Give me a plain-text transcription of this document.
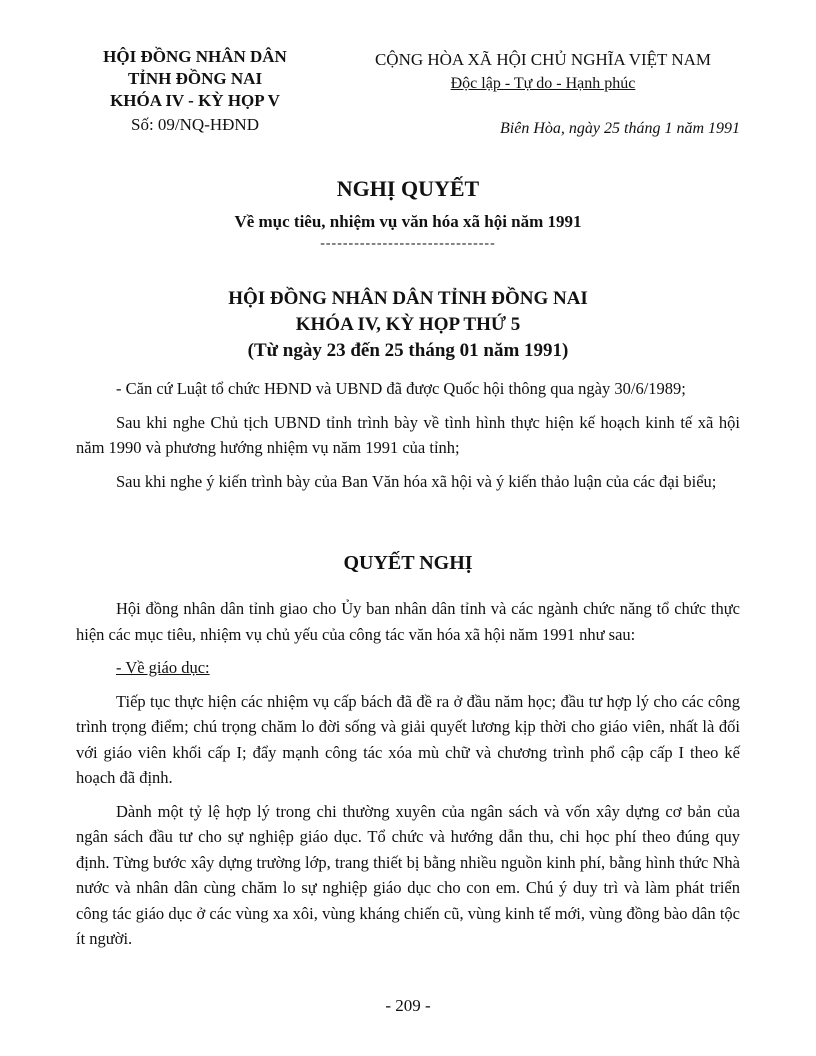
HỘI ĐỒNG NHÂN DÂN
TỈNH ĐỒNG NAI
KHÓA IV - KỲ HỌP V
Số: 09/NQ-HĐND
CỘNG HÒA XÃ HỘI CHỦ NGHĨA VIỆT NAM
Độc lập - Tự do - Hạnh phúc
Biên Hòa, ngày 25 tháng 1 năm 1991
NGHỊ QUYẾT
Về mục tiêu, nhiệm vụ văn hóa xã hội năm 1991
-------------------------------
HỘI ĐỒNG NHÂN DÂN TỈNH ĐỒNG NAI
KHÓA IV, KỲ HỌP THỨ 5
(Từ ngày 23 đến 25 tháng 01 năm 1991)

- Căn cứ Luật tổ chức HĐND và UBND đã được Quốc hội thông qua ngày 30/6/1989;

Sau khi nghe Chủ tịch UBND tỉnh trình bày về tình hình thực hiện kế hoạch kinh tế xã hội năm 1990 và phương hướng nhiệm vụ năm 1991 của tỉnh;

Sau khi nghe ý kiến trình bày của Ban Văn hóa xã hội và ý kiến thảo luận của các đại biểu;

QUYẾT NGHỊ

Hội đồng nhân dân tỉnh giao cho Ủy ban nhân dân tỉnh và các ngành chức năng tổ chức thực hiện các mục tiêu, nhiệm vụ chủ yếu của công tác văn hóa xã hội năm 1991 như sau:

- Về giáo dục:

Tiếp tục thực hiện các nhiệm vụ cấp bách đã đề ra ở đầu năm học; đầu tư hợp lý cho các công trình trọng điểm; chú trọng chăm lo đời sống và giải quyết lương kịp thời cho giáo viên, nhất là đối với giáo viên khối cấp I; đẩy mạnh công tác xóa mù chữ và chương trình phổ cập cấp I theo kế hoạch đã định.

Dành một tỷ lệ hợp lý trong chi thường xuyên của ngân sách và vốn xây dựng cơ bản của ngân sách đầu tư cho sự nghiệp giáo dục. Tổ chức và hướng dẫn thu, chi học phí theo đúng quy định. Từng bước xây dựng trường lớp, trang thiết bị bằng nhiều nguồn kinh phí, bằng hình thức Nhà nước và nhân dân cùng chăm lo sự nghiệp giáo dục cho con em. Chú ý duy trì và làm phát triển công tác giáo dục ở các vùng xa xôi, vùng kháng chiến cũ, vùng kinh tế mới, vùng đồng bào dân tộc ít người.

- 209 -
